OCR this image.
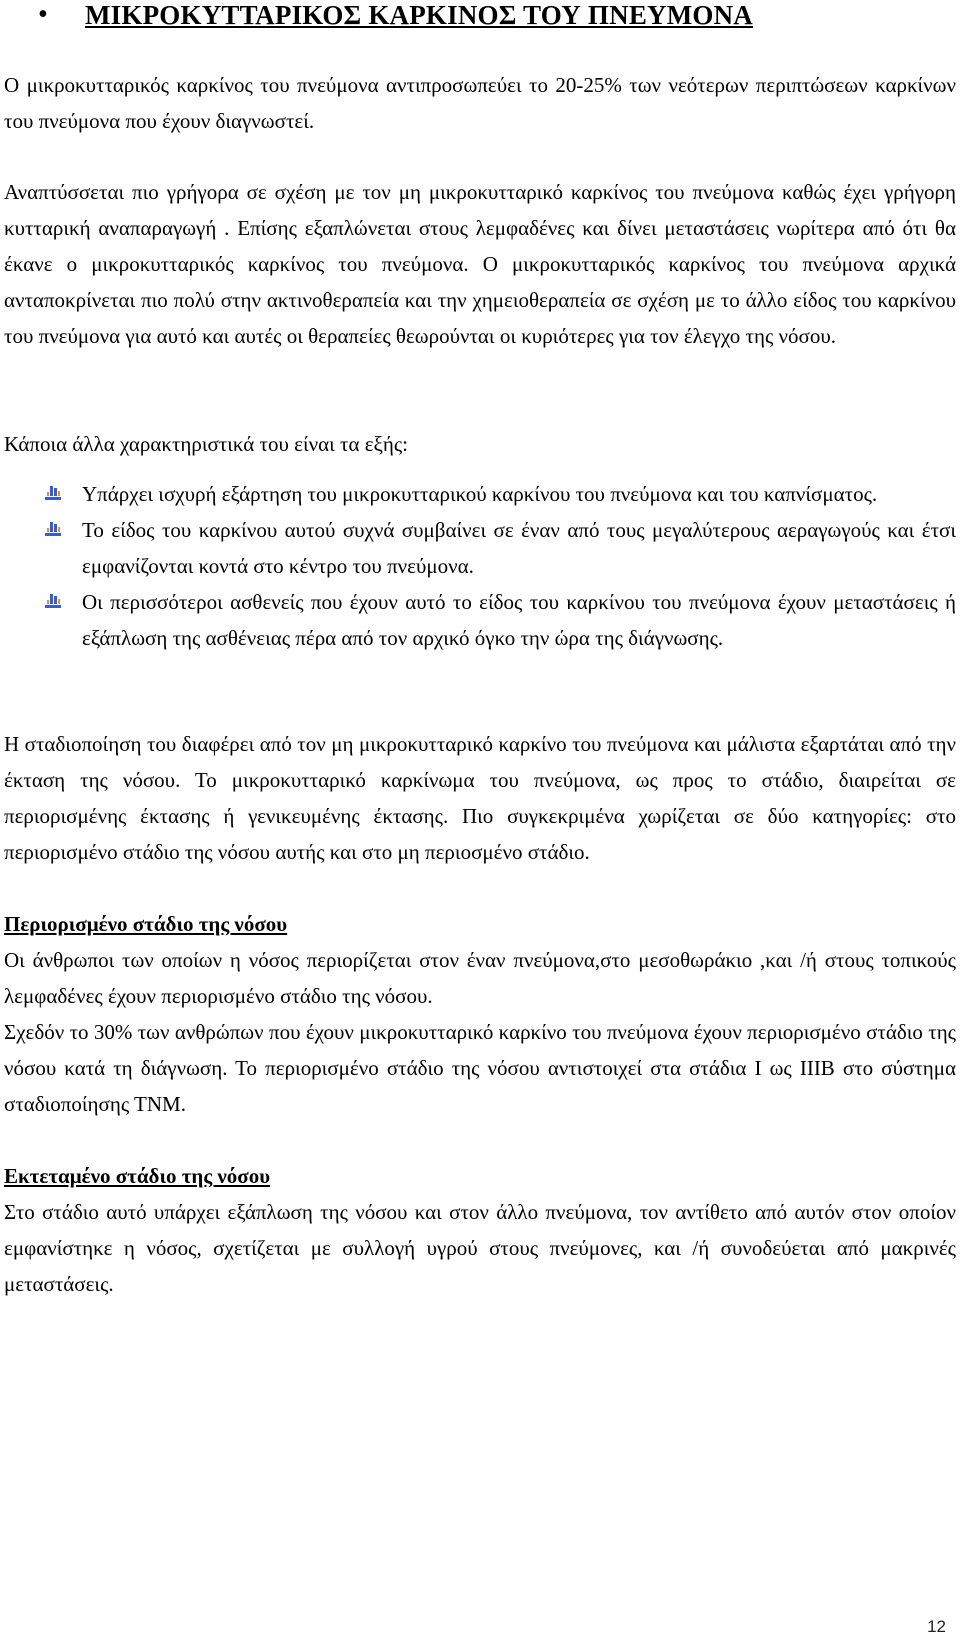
• ΜΙΚΡΟΚΥΤΤΑΡΙΚΟΣ ΚΑΡΚΙΝΟΣ ΤΟΥ ΠΝΕΥΜΟΝΑ

Ο μικροκυτταρικός καρκίνος του πνεύμονα αντιπροσωπεύει το 20-25% των νεότερων περιπτώσεων καρκίνων του πνεύμονα που έχουν διαγνωστεί.

Αναπτύσσεται πιο γρήγορα σε σχέση με τον μη μικροκυτταρικό καρκίνος του πνεύμονα καθώς έχει γρήγορη κυτταρική αναπαραγωγή . Επίσης εξαπλώνεται στους λεμφαδένες και δίνει μεταστάσεις νωρίτερα από ότι θα έκανε ο μικροκυτταρικός καρκίνος του πνεύμονα. Ο μικροκυτταρικός καρκίνος του πνεύμονα αρχικά ανταποκρίνεται πιο πολύ στην ακτινοθεραπεία και την χημειοθεραπεία σε σχέση με το άλλο είδος του καρκίνου του πνεύμονα για αυτό και αυτές οι θεραπείες θεωρούνται οι κυριότερες για τον έλεγχο της νόσου.

Κάποια άλλα χαρακτηριστικά του είναι τα εξής:

Υπάρχει ισχυρή εξάρτηση του μικροκυτταρικού καρκίνου του πνεύμονα και του καπνίσματος.
Το είδος του καρκίνου αυτού συχνά συμβαίνει σε έναν από τους μεγαλύτερους αεραγωγούς και έτσι εμφανίζονται κοντά στο κέντρο του πνεύμονα.
Οι περισσότεροι ασθενείς που έχουν αυτό το είδος του καρκίνου του πνεύμονα έχουν μεταστάσεις ή εξάπλωση της ασθένειας πέρα από τον αρχικό όγκο την ώρα της διάγνωσης.

Η σταδιοποίηση του διαφέρει από τον μη μικροκυτταρικό καρκίνο του πνεύμονα και μάλιστα εξαρτάται από την έκταση της νόσου. Το μικροκυτταρικό καρκίνωμα του πνεύμονα, ως προς το στάδιο, διαιρείται σε περιορισμένης έκτασης ή γενικευμένης έκτασης. Πιο συγκεκριμένα χωρίζεται σε δύο κατηγορίες: στο περιορισμένο στάδιο της νόσου αυτής και στο μη περιοσμένο στάδιο.

Περιορισμένο στάδιο της νόσου

Οι άνθρωποι των οποίων η νόσος περιορίζεται στον έναν πνεύμονα,στο μεσοθωράκιο ,και /ή στους τοπικούς λεμφαδένες έχουν περιορισμένο στάδιο της νόσου.

Σχεδόν το 30% των ανθρώπων που έχουν μικροκυτταρικό καρκίνο του πνεύμονα έχουν περιορισμένο στάδιο της νόσου κατά τη διάγνωση. Το περιορισμένο στάδιο της νόσου αντιστοιχεί στα στάδια Ι ως ΙΙΙΒ στο σύστημα σταδιοποίησης ΤΝΜ.

Εκτεταμένο στάδιο της νόσου

Στο στάδιο αυτό υπάρχει εξάπλωση της νόσου και στον άλλο πνεύμονα, τον αντίθετο από αυτόν στον οποίον εμφανίστηκε η νόσος, σχετίζεται με συλλογή υγρού στους πνεύμονες, και /ή συνοδεύεται από μακρινές μεταστάσεις.

12
